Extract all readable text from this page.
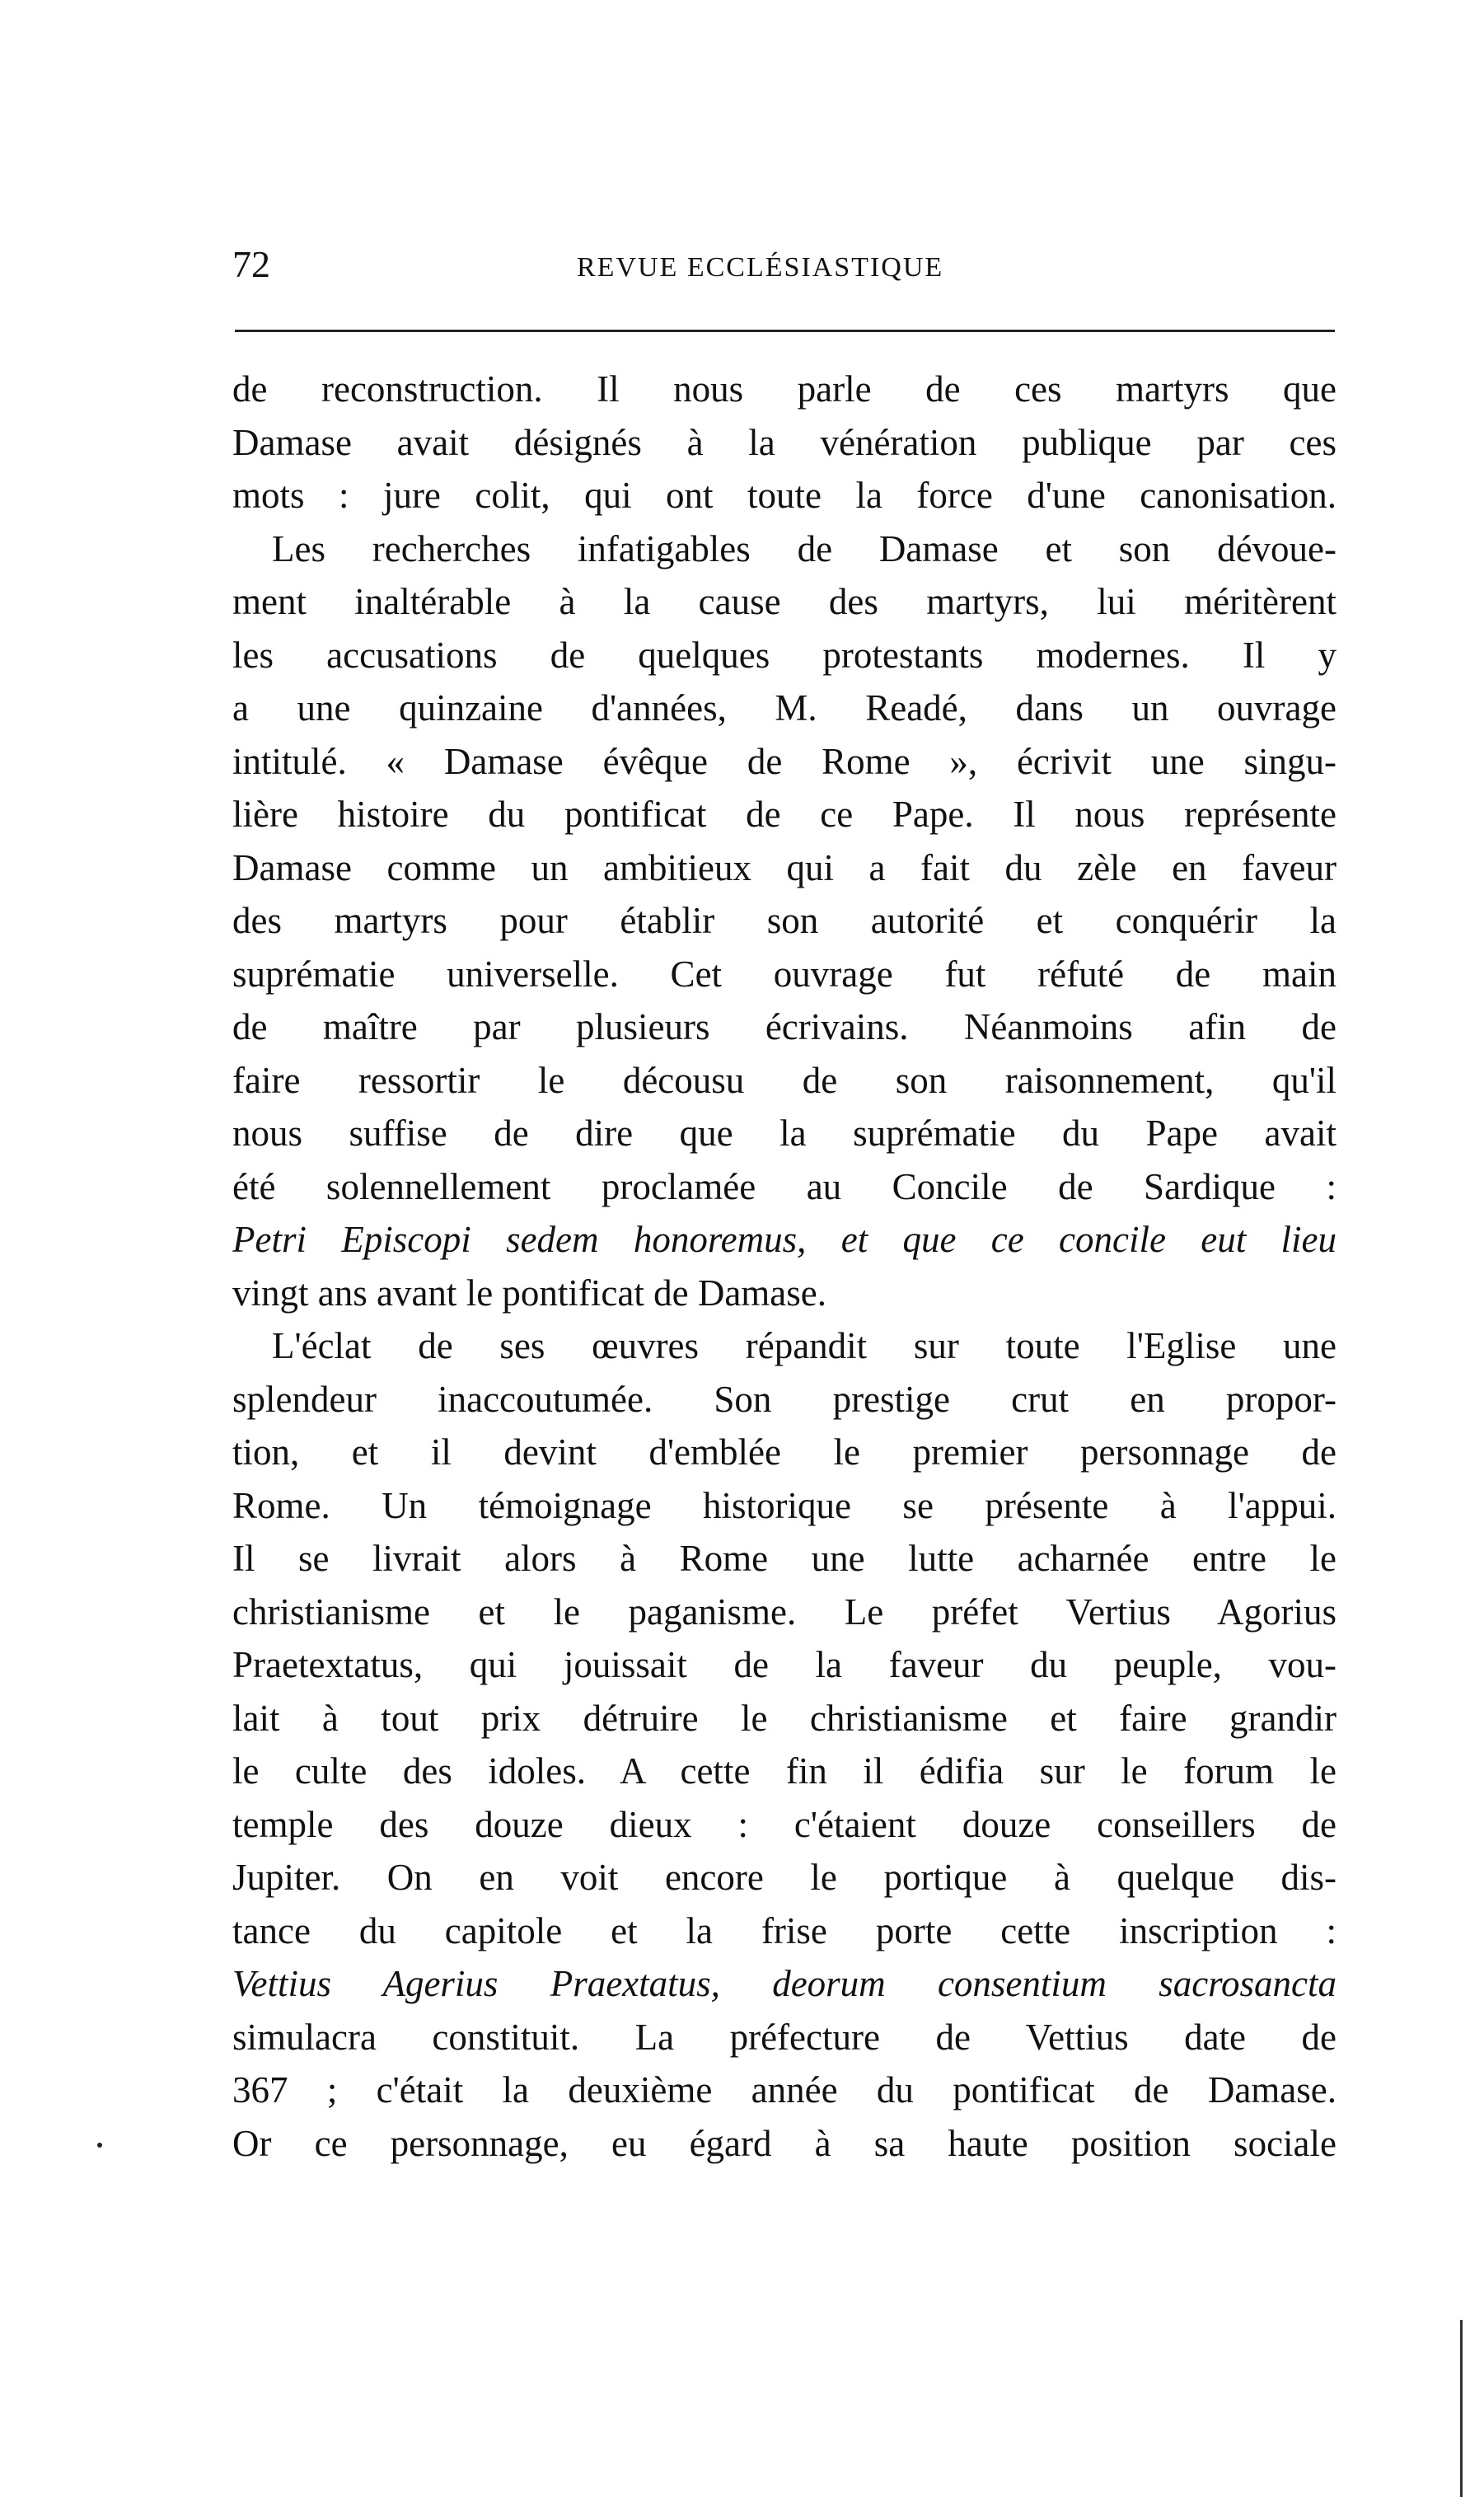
72	REVUE ECCLÉSIASTIQUE

de reconstruction. Il nous parle de ces martyrs que

Damase avait désignés à la vénération publique par ces

mots : jure colit, qui ont toute la force d'une canonisation.

Les recherches infatigables de Damase et son dévoue-

ment inaltérable à la cause des martyrs, lui méritèrent

les accusations de quelques protestants modernes. Il y

a une quinzaine d'années, M. Readé, dans un ouvrage

intitulé. « Damase évêque de Rome », écrivit une singu-

lière histoire du pontificat de ce Pape. Il nous représente

Damase comme un ambitieux qui a fait du zèle en faveur

des martyrs pour établir son autorité et conquérir la

suprématie universelle. Cet ouvrage fut réfuté de main

de maître par plusieurs écrivains. Néanmoins afin de

faire ressortir le décousu de son raisonnement, qu'il

nous suffise de dire que la suprématie du Pape avait

été solennellement proclamée au Concile de Sardique :

Petri Episcopi sedem honoremus, et que ce concile eut lieu

vingt ans avant le pontificat de Damase.

L'éclat de ses œuvres répandit sur toute l'Eglise une

splendeur inaccoutumée. Son prestige crut en propor-

tion, et il devint d'emblée le premier personnage de

Rome. Un témoignage historique se présente à l'appui.

Il se livrait alors à Rome une lutte acharnée entre le

christianisme et le paganisme. Le préfet Vertius Agorius

Praetextatus, qui jouissait de la faveur du peuple, vou-

lait à tout prix détruire le christianisme et faire grandir

le culte des idoles. A cette fin il édifia sur le forum le

temple des douze dieux : c'étaient douze conseillers de

Jupiter. On en voit encore le portique à quelque dis-

tance du capitole et la frise porte cette inscription :

Vettius Agerius Praextatus, deorum consentium sacrosancta

simulacra constituit. La préfecture de Vettius date de

367 ; c'était la deuxième année du pontificat de Damase.

Or ce personnage, eu égard à sa haute position sociale
